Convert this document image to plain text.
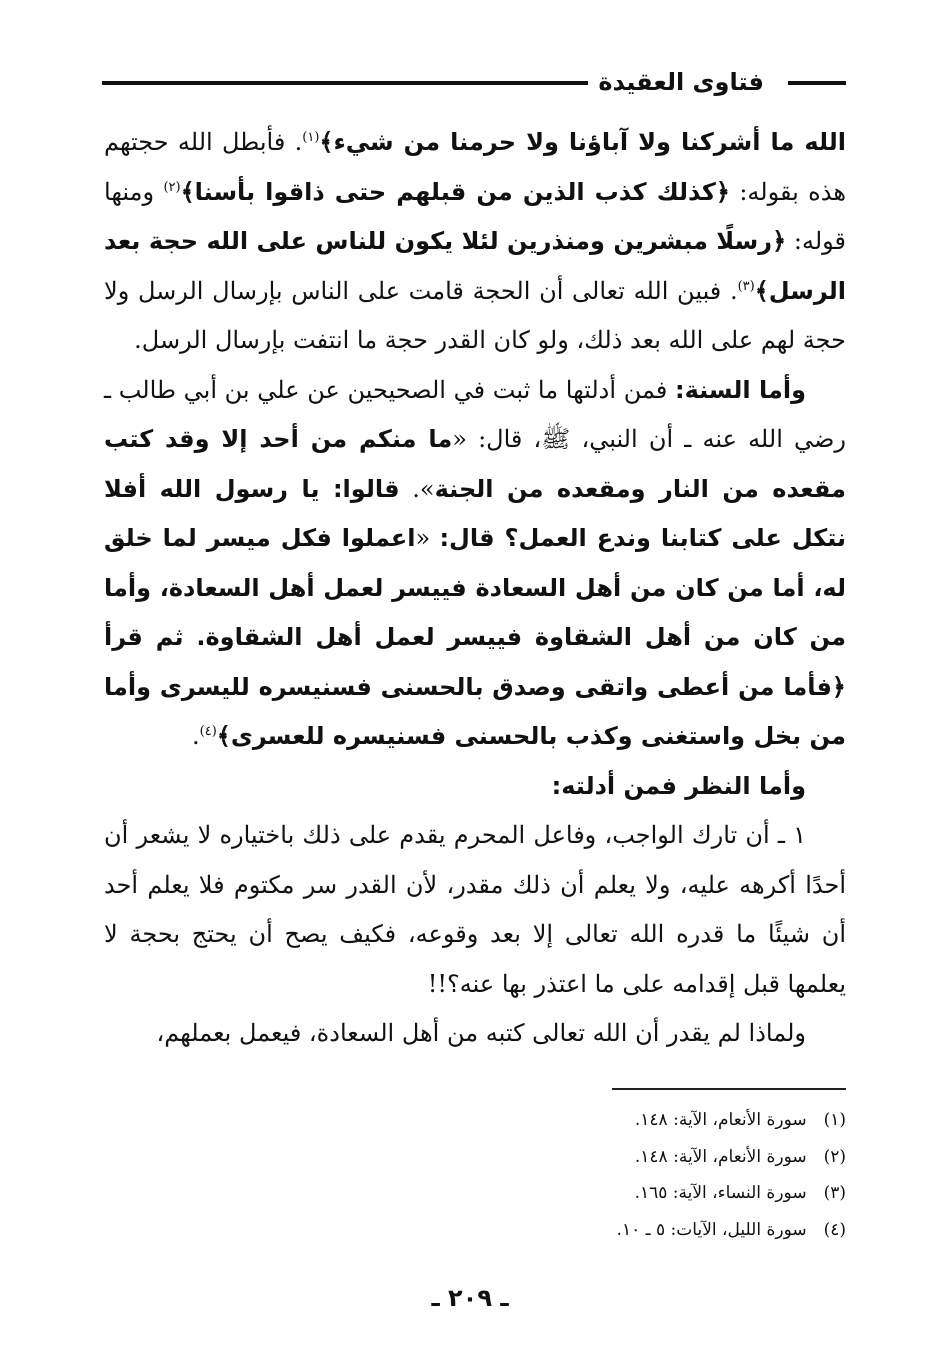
فتاوى العقيدة

الله ما أشركنا ولا آباؤنا ولا حرمنا من شيء﴾$^{(١)}$. فأبطل الله حجتهم هذه بقوله: ﴿كذلك كذب الذين من قبلهم حتى ذاقوا بأسنا﴾$^{(٢)}$ ومنها قوله: ﴿رسلًا مبشرين ومنذرين لئلا يكون للناس على الله حجة بعد الرسل﴾$^{(٣)}$. فبين الله تعالى أن الحجة قامت على الناس بإرسال الرسل ولا حجة لهم على الله بعد ذلك، ولو كان القدر حجة ما انتفت بإرسال الرسل.

وأما السنة: فمن أدلتها ما ثبت في الصحيحين عن علي بن أبي طالب ـ رضي الله عنه ـ أن النبي، ﷺ، قال: «ما منكم من أحد إلا وقد كتب مقعده من النار ومقعده من الجنة». قالوا: يا رسول الله أفلا نتكل على كتابنا وندع العمل؟ قال: «اعملوا فكل ميسر لما خلق له، أما من كان من أهل السعادة فييسر لعمل أهل السعادة، وأما من كان من أهل الشقاوة فييسر لعمل أهل الشقاوة. ثم قرأ ﴿فأما من أعطى واتقى وصدق بالحسنى فسنيسره لليسرى وأما من بخل واستغنى وكذب بالحسنى فسنيسره للعسرى﴾$^{(٤)}$.

وأما النظر فمن أدلته:

١ ـ أن تارك الواجب، وفاعل المحرم يقدم على ذلك باختياره لا يشعر أن أحدًا أكرهه عليه، ولا يعلم أن ذلك مقدر، لأن القدر سر مكتوم فلا يعلم أحد أن شيئًا ما قدره الله تعالى إلا بعد وقوعه، فكيف يصح أن يحتج بحجة لا يعلمها قبل إقدامه على ما اعتذر بها عنه؟!!

ولماذا لم يقدر أن الله تعالى كتبه من أهل السعادة، فيعمل بعملهم،

(١) سورة الأنعام، الآية: ١٤٨.
(٢) سورة الأنعام، الآية: ١٤٨.
(٣) سورة النساء، الآية: ١٦٥.
(٤) سورة الليل، الآيات: ٥ ـ ١٠.
ـ ٢٠٩ ـ
